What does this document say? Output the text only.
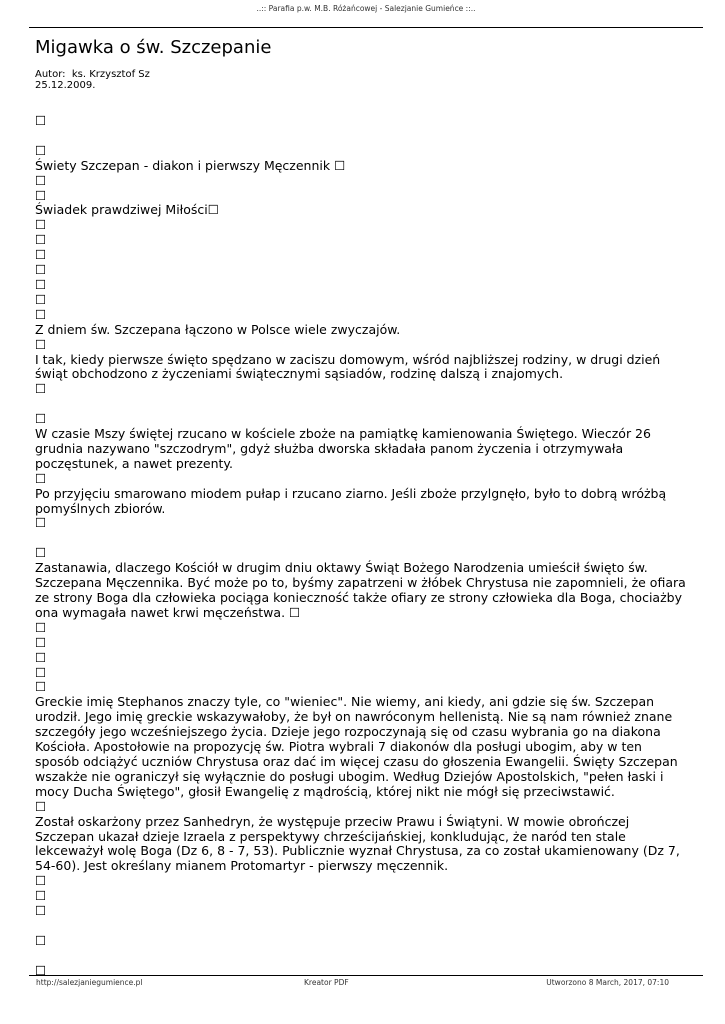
..:: Parafia p.w. M.B. Różańcowej - Salezjanie Gumieńce ::..
Migawka o św. Szczepanie
Autor: ks. Krzysztof Sz
25.12.2009.
☐

☐
Świety Szczepan - diakon i pierwszy Męczennik ☐
☐
☐
Świadek prawdziwej Miłości☐
☐
☐
☐
☐
☐
☐
☐
Z dniem św. Szczepana łączono w Polsce wiele zwyczajów.
☐
I tak, kiedy pierwsze święto spędzano w zaciszu domowym, wśród najbliższej rodziny, w drugi dzień świąt obchodzono z życzeniami świątecznymi sąsiadów, rodzinę dalszą i znajomych.
☐

☐
W czasie Mszy świętej rzucano w kościele zboże na pamiątkę kamienowania Świętego. Wieczór 26 grudnia nazywano "szczodrym", gdyż służba dworska składała panom życzenia i otrzymywała poczęstunek, a nawet prezenty.
☐
Po przyjęciu smarowano miodem pułap i rzucano ziarno. Jeśli zboże przylgnęło, było to dobrą wróżbą pomyślnych zbiorów.
☐

☐
Zastanawia, dlaczego Kościół w drugim dniu oktawy Świąt Bożego Narodzenia umieścił święto św. Szczepana Męczennika. Być może po to, byśmy zapatrzeni w żłóbek Chrystusa nie zapomnieli, że ofiara ze strony Boga dla człowieka pociąga konieczność także ofiary ze strony człowieka dla Boga, chociażby ona wymagała nawet krwi męczeństwa. ☐
☐
☐
☐
☐
☐
Greckie imię Stephanos znaczy tyle, co "wieniec". Nie wiemy, ani kiedy, ani gdzie się św. Szczepan urodził. Jego imię greckie wskazywałoby, że był on nawróconym hellenistą. Nie są nam również znane szczegóły jego wcześniejszego życia. Dzieje jego rozpoczynają się od czasu wybrania go na diakona Kościoła. Apostołowie na propozycję św. Piotra wybrali 7 diakonów dla posługi ubogim, aby w ten sposób odciążyć uczniów Chrystusa oraz dać im więcej czasu do głoszenia Ewangelii. Święty Szczepan wszakże nie ograniczył się wyłącznie do posługi ubogim. Według Dziejów Apostolskich, "pełen łaski i mocy Ducha Świętego", głosił Ewangelię z mądrością, której nikt nie mógł się przeciwstawić.
☐
Został oskarżony przez Sanhedryn, że występuje przeciw Prawu i Świątyni. W mowie obrończej Szczepan ukazał dzieje Izraela z perspektywy chrześcijańskiej, konkludując, że naród ten stale lekceważył wolę Boga (Dz 6, 8 - 7, 53). Publicznie wyznał Chrystusa, za co został ukamienowany (Dz 7, 54-60). Jest określany mianem Protomartyr - pierwszy męczennik.
☐
☐
☐

☐

☐
http://salezjaniegumience.pl	Kreator PDF	Utworzono 8 March, 2017, 07:10
